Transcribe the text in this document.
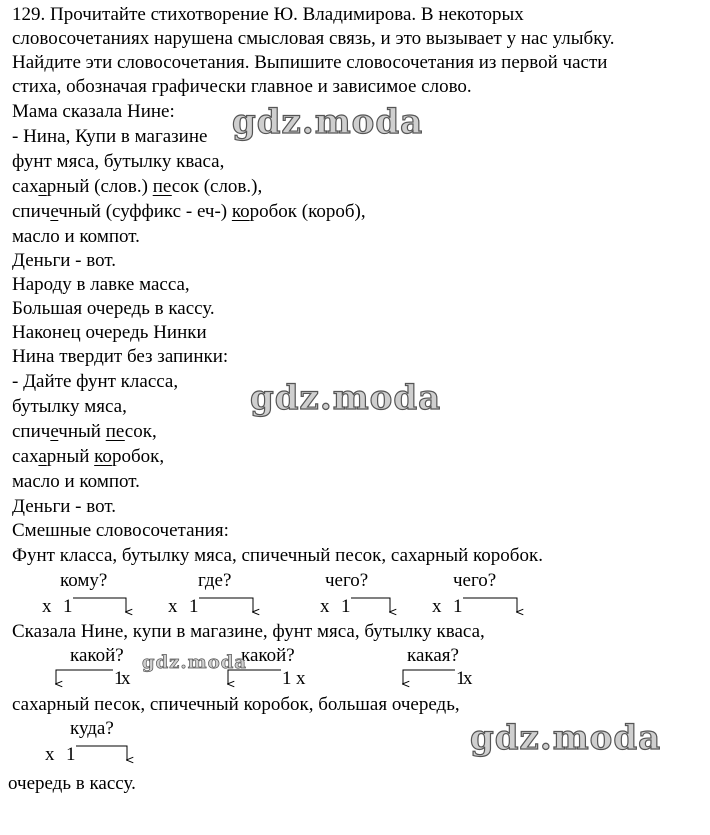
129. Прочитайте стихотворение Ю. Владимирова. В некоторых
словосочетаниях нарушена смысловая связь, и это вызывает у нас улыбку.
Найдите эти словосочетания. Выпишите словосочетания из первой части
стиха, обозначая графически главное и зависимое слово.
Мама сказала Нине:
- Нина, Купи в магазине
фунт мяса, бутылку кваса,
сахарный (слов.) песок (слов.),
спичечный (суффикс - еч-) коробок (короб),
масло и компот.
Деньги - вот.
Народу в лавке масса,
Большая очередь в кассу.
Наконец очередь Нинки
Нина твердит без запинки:
- Дайте фунт класса,
бутылку мяса,
спичечный песок,
сахарный коробок,
масло и компот.
Деньги - вот.
Смешные словосочетания:
Фунт класса, бутылку мяса, спичечный песок, сахарный коробок.
кому?	где?	чего?	чего?
Сказала Нине, купи в магазине, фунт мяса, бутылку кваса,
какой?	какой?	какая?
сахарный песок, спичечный коробок, большая очередь,
куда?
очередь в кассу.
x 1	x 1	x 1	x 1
1
x	1 x	1
x
x 1
gdz.moda
gdz.moda
gdz.moda
gdz.moda
